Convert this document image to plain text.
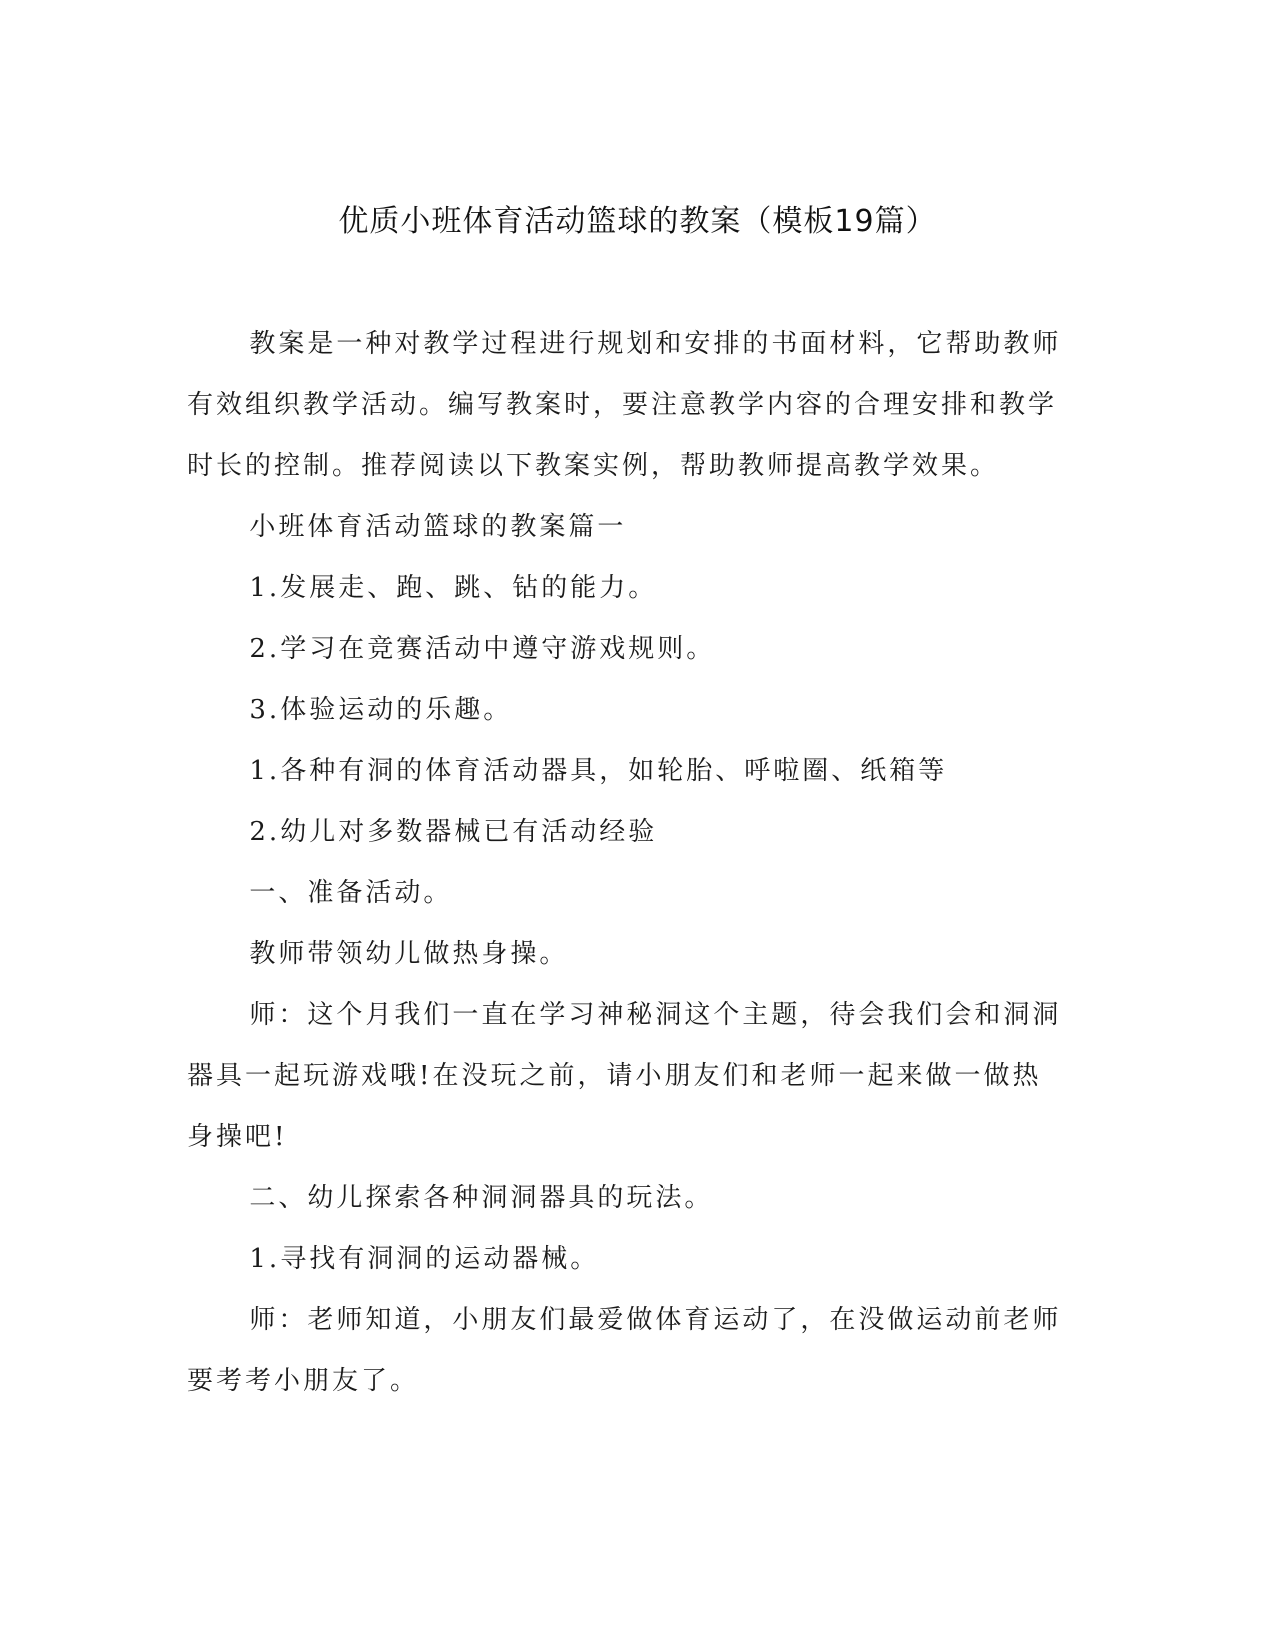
优质小班体育活动篮球的教案（模板19篇）

教案是一种对教学过程进行规划和安排的书面材料，它帮助教师有效组织教学活动。编写教案时，要注意教学内容的合理安排和教学时长的控制。推荐阅读以下教案实例，帮助教师提高教学效果。

小班体育活动篮球的教案篇一

1.发展走、跑、跳、钻的能力。

2.学习在竞赛活动中遵守游戏规则。

3.体验运动的乐趣。

1.各种有洞的体育活动器具，如轮胎、呼啦圈、纸箱等

2.幼儿对多数器械已有活动经验

一、准备活动。

教师带领幼儿做热身操。

师：这个月我们一直在学习神秘洞这个主题，待会我们会和洞洞器具一起玩游戏哦!在没玩之前，请小朋友们和老师一起来做一做热身操吧!

二、幼儿探索各种洞洞器具的玩法。

1.寻找有洞洞的运动器械。

师：老师知道，小朋友们最爱做体育运动了，在没做运动前老师要考考小朋友了。
